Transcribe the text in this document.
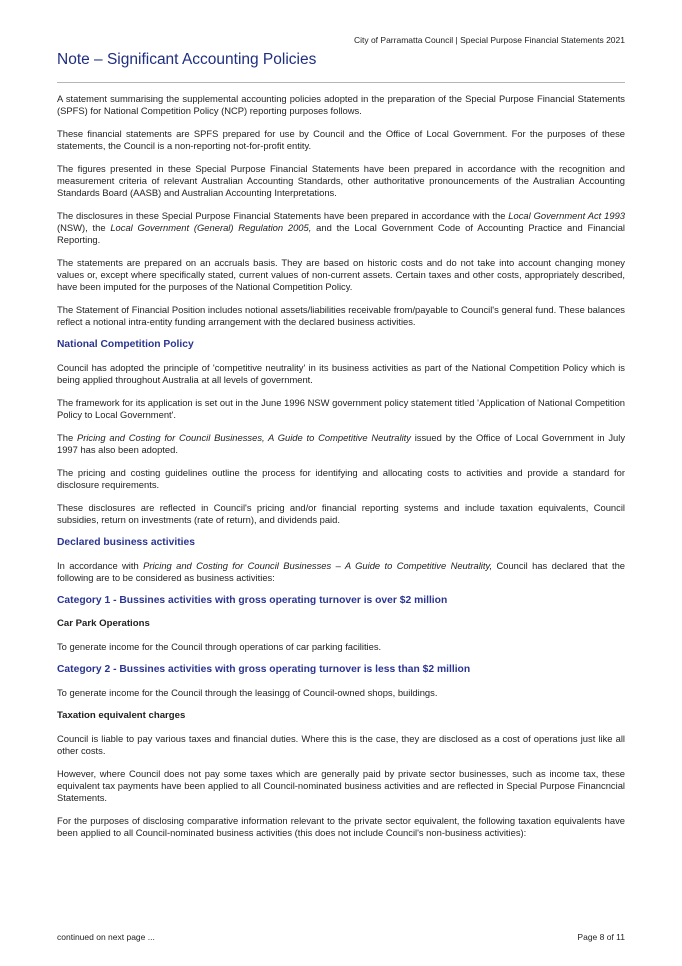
City of Parramatta Council | Special Purpose Financial Statements 2021
Note – Significant Accounting Policies

A statement summarising the supplemental accounting policies adopted in the preparation of the Special Purpose Financial Statements (SPFS) for National Competition Policy (NCP) reporting purposes follows.

These financial statements are SPFS prepared for use by Council and the Office of Local Government. For the purposes of these statements, the Council is a non-reporting not-for-profit entity.

The figures presented in these Special Purpose Financial Statements have been prepared in accordance with the recognition and measurement criteria of relevant Australian Accounting Standards, other authoritative pronouncements of the Australian Accounting Standards Board (AASB) and Australian Accounting Interpretations.

The disclosures in these Special Purpose Financial Statements have been prepared in accordance with the Local Government Act 1993 (NSW), the Local Government (General) Regulation 2005, and the Local Government Code of Accounting Practice and Financial Reporting.

The statements are prepared on an accruals basis. They are based on historic costs and do not take into account changing money values or, except where specifically stated, current values of non-current assets. Certain taxes and other costs, appropriately described, have been imputed for the purposes of the National Competition Policy.

The Statement of Financial Position includes notional assets/liabilities receivable from/payable to Council's general fund. These balances reflect a notional intra-entity funding arrangement with the declared business activities.

National Competition Policy

Council has adopted the principle of 'competitive neutrality' in its business activities as part of the National Competition Policy which is being applied throughout Australia at all levels of government.

The framework for its application is set out in the June 1996 NSW government policy statement titled 'Application of National Competition Policy to Local Government'.

The Pricing and Costing for Council Businesses, A Guide to Competitive Neutrality issued by the Office of Local Government in July 1997 has also been adopted.

The pricing and costing guidelines outline the process for identifying and allocating costs to activities and provide a standard for disclosure requirements.

These disclosures are reflected in Council's pricing and/or financial reporting systems and include taxation equivalents, Council subsidies, return on investments (rate of return), and dividends paid.

Declared business activities

In accordance with Pricing and Costing for Council Businesses – A Guide to Competitive Neutrality, Council has declared that the following are to be considered as business activities:

Category 1 - Bussines activities with gross operating turnover is over $2 million
Car Park Operations

To generate income for the Council through operations of car parking facilities.

Category 2 - Bussines activities with gross operating turnover is less than $2 million

To generate income for the Council through the leasingg of Council-owned shops, buildings.

Taxation equivalent charges

Council is liable to pay various taxes and financial duties. Where this is the case, they are disclosed as a cost of operations just like all other costs.

However, where Council does not pay some taxes which are generally paid by private sector businesses, such as income tax, these equivalent tax payments have been applied to all Council-nominated business activities and are reflected in Special Purpose Financncial Statements.

For the purposes of disclosing comparative information relevant to the private sector equivalent, the following taxation equivalents have been applied to all Council-nominated business activities (this does not include Council's non-business activities):

continued on next page ...	Page 8 of 11
